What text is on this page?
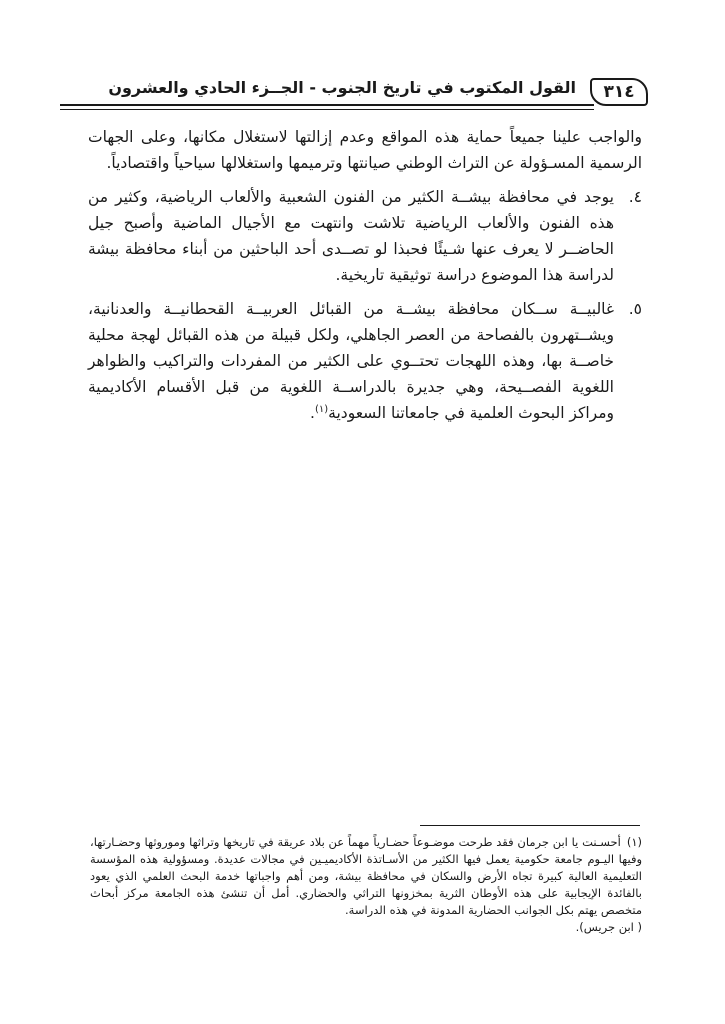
٣١٤
القول المكتوب في تاريخ الجنوب - الجــزء الحادي والعشرون

والواجب علينا جميعاً حماية هذه المواقع وعدم إزالتها لاستغلال مكانها، وعلى الجهات الرسمية المسـؤولة عن التراث الوطني صيانتها وترميمها واستغلالها سياحياً واقتصادياً.

٤.
يوجد في محافظة بيشــة الكثير من الفنون الشعبية والألعاب الرياضية، وكثير من هذه الفنون والألعاب الرياضية تلاشت وانتهت مع الأجيال الماضية وأصبح جيل الحاضــر لا يعرف عنها شـيئًا فحبذا لو تصــدى أحد الباحثين من أبناء محافظة بيشة لدراسة هذا الموضوع دراسة توثيقية تاريخية.
٥.
غالبيــة ســكان محافظة بيشــة من القبائل العربيــة القحطانيــة والعدنانية، ويشــتهرون بالفصاحة من العصر الجاهلي، ولكل قبيلة من هذه القبائل لهجة محلية خاصــة بها، وهذه اللهجات تحتــوي على الكثير من المفردات والتراكيب والظواهر اللغوية الفصــيحة، وهي جديرة بالدراســة اللغوية من قبل الأقسام الأكاديمية ومراكز البحوث العلمية في جامعاتنا السعودية$^{(١)}$.
(١)أحسـنت يا ابن جرمان فقد طرحت موضـوعاً حضـارياً مهماً عن بلاد عريقة في تاريخها وتراثها وموروثها وحضـارتها، وفيها اليـوم جامعة حكومية يعمل فيها الكثير من الأسـاتذة الأكاديميـين في مجالات عديدة. ومسؤولية هذه المؤسسة التعليمية العالية كبيرة تجاه الأرض والسكان في محافظة بيشة، ومن أهم واجباتها خدمة البحث العلمي الذي يعود بالفائدة الإيجابية على هذه الأوطان الثرية بمخزونها التراثي والحضاري. أمل أن تنشئ هذه الجامعة مركز أبحاث متخصص يهتم بكل الجوانب الحضارية المدونة في هذه الدراسة.
( ابن جريس).
